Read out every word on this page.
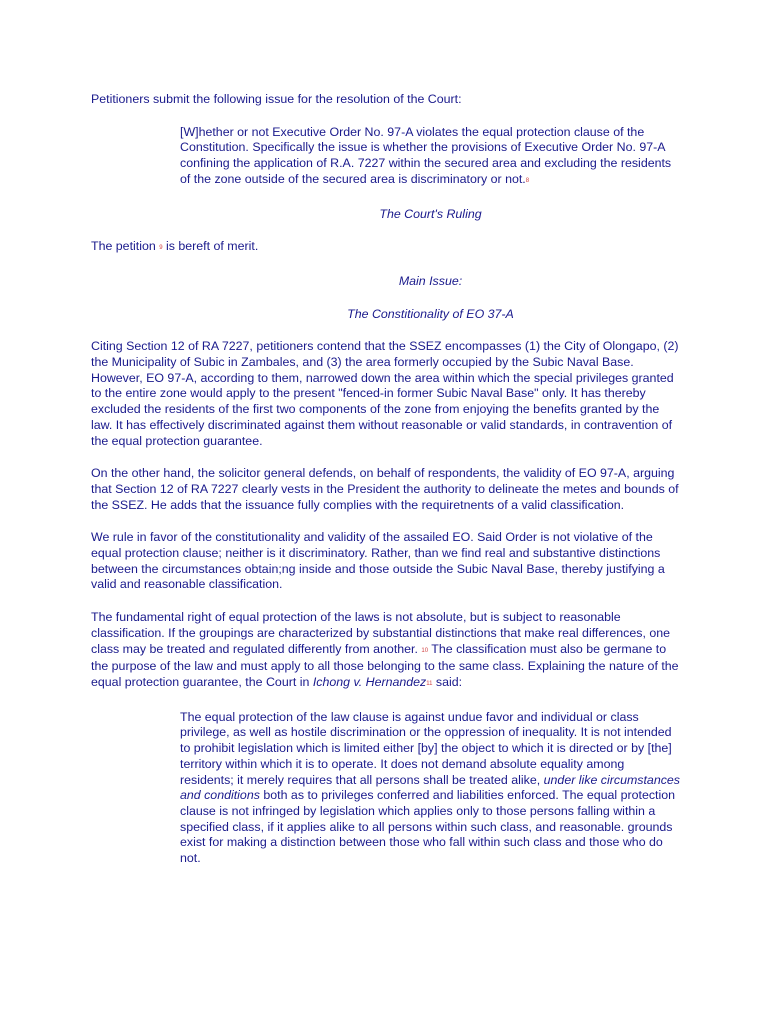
Petitioners submit the following issue for the resolution of the Court:

[W]hether or not Executive Order No. 97-A violates the equal protection clause of the Constitution. Specifically the issue is whether the provisions of Executive Order No. 97-A confining the application of R.A. 7227 within the secured area and excluding the residents of the zone outside of the secured area is discriminatory or not.$^8$

The Court's Ruling

The petition $^9$ is bereft of merit.

Main Issue:

The Constitionality of EO 37-A

Citing Section 12 of RA 7227, petitioners contend that the SSEZ encompasses (1) the City of Olongapo, (2) the Municipality of Subic in Zambales, and (3) the area formerly occupied by the Subic Naval Base. However, EO 97-A, according to them, narrowed down the area within which the special privileges granted to the entire zone would apply to the present "fenced-in former Subic Naval Base" only. It has thereby excluded the residents of the first two components of the zone from enjoying the benefits granted by the law. It has effectively discriminated against them without reasonable or valid standards, in contravention of the equal protection guarantee.

On the other hand, the solicitor general defends, on behalf of respondents, the validity of EO 97-A, arguing that Section 12 of RA 7227 clearly vests in the President the authority to delineate the metes and bounds of the SSEZ. He adds that the issuance fully complies with the requiretnents of a valid classification.

We rule in favor of the constitutionality and validity of the assailed EO. Said Order is not violative of the equal protection clause; neither is it discriminatory. Rather, than we find real and substantive distinctions between the circumstances obtain;ng inside and those outside the Subic Naval Base, thereby justifying a valid and reasonable classification.

The fundamental right of equal protection of the laws is not absolute, but is subject to reasonable classification. If the groupings are characterized by substantial distinctions that make real differences, one class may be treated and regulated differently from another. $^{10}$ The classification must also be germane to the purpose of the law and must apply to all those belonging to the same class. Explaining the nature of the equal protection guarantee, the Court in Ichong v. Hernandez$^{11}$ said:

The equal protection of the law clause is against undue favor and individual or class privilege, as well as hostile discrimination or the oppression of inequality. It is not intended to prohibit legislation which is limited either [by] the object to which it is directed or by [the] territory within which it is to operate. It does not demand absolute equality among residents; it merely requires that all persons shall be treated alike, under like circumstances and conditions both as to privileges conferred and liabilities enforced. The equal protection clause is not infringed by legislation which applies only to those persons falling within a specified class, if it applies alike to all persons within such class, and reasonable. grounds exist for making a distinction between those who fall within such class and those who do not.
